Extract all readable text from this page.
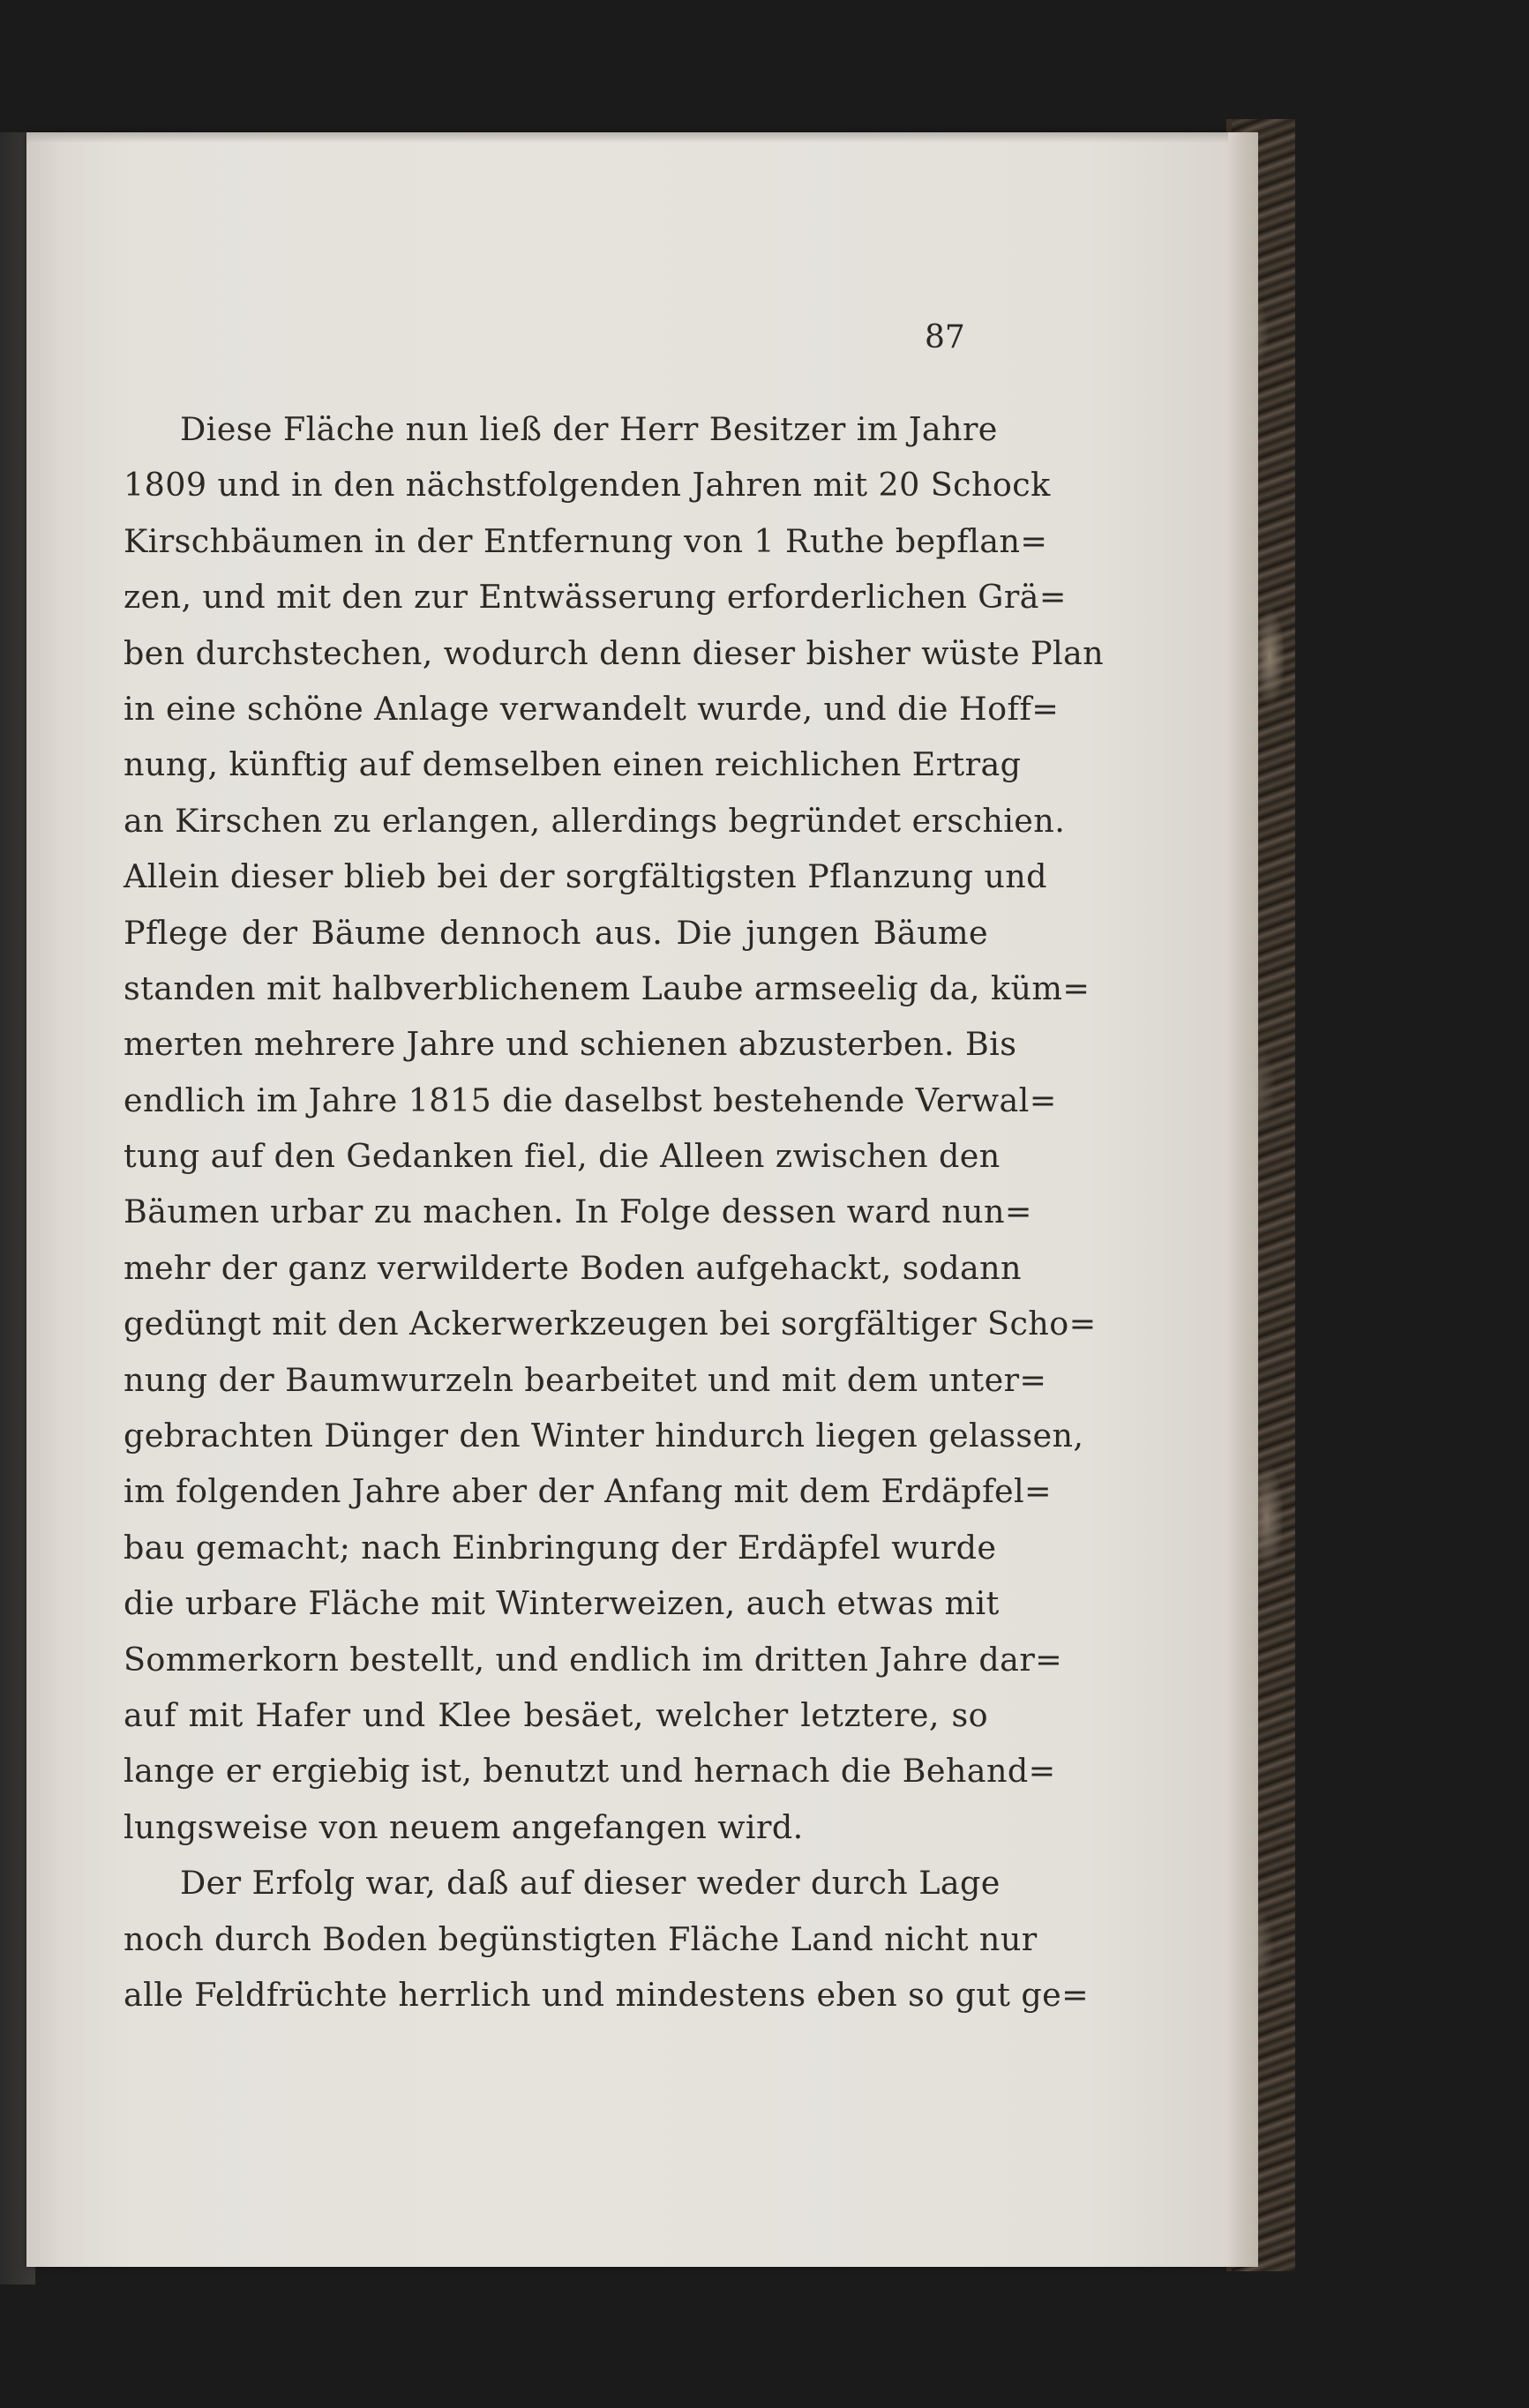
87
Diese Fläche nun ließ der Herr Besitzer im Jahre
1809 und in den nächstfolgenden Jahren mit 20 Schock
Kirschbäumen in der Entfernung von 1 Ruthe bepflan=
zen, und mit den zur Entwässerung erforderlichen Grä=
ben durchstechen, wodurch denn dieser bisher wüste Plan
in eine schöne Anlage verwandelt wurde, und die Hoff=
nung, künftig auf demselben einen reichlichen Ertrag
an Kirschen zu erlangen, allerdings begründet erschien.
Allein dieser blieb bei der sorgfältigsten Pflanzung und
Pflege der Bäume dennoch aus. Die jungen Bäume
standen mit halbverblichenem Laube armseelig da, küm=
merten mehrere Jahre und schienen abzusterben. Bis
endlich im Jahre 1815 die daselbst bestehende Verwal=
tung auf den Gedanken fiel, die Alleen zwischen den
Bäumen urbar zu machen. In Folge dessen ward nun=
mehr der ganz verwilderte Boden aufgehackt, sodann
gedüngt mit den Ackerwerkzeugen bei sorgfältiger Scho=
nung der Baumwurzeln bearbeitet und mit dem unter=
gebrachten Dünger den Winter hindurch liegen gelassen,
im folgenden Jahre aber der Anfang mit dem Erdäpfel=
bau gemacht; nach Einbringung der Erdäpfel wurde
die urbare Fläche mit Winterweizen, auch etwas mit
Sommerkorn bestellt, und endlich im dritten Jahre dar=
auf mit Hafer und Klee besäet, welcher letztere, so
lange er ergiebig ist, benutzt und hernach die Behand=
lungsweise von neuem angefangen wird.
Der Erfolg war, daß auf dieser weder durch Lage
noch durch Boden begünstigten Fläche Land nicht nur
alle Feldfrüchte herrlich und mindestens eben so gut ge=
